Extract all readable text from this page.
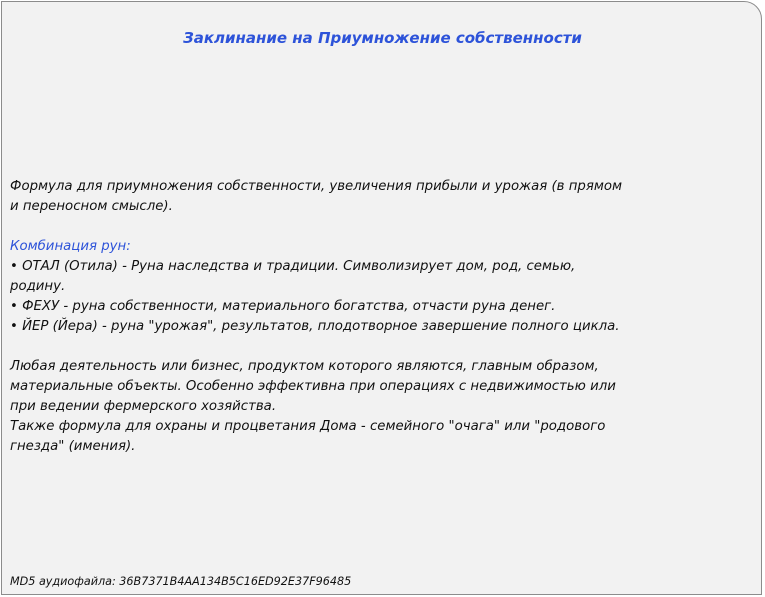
Заклинание на Приумножение собственности
Формула для приумножения собственности, увеличения прибыли и урожая (в прямом
и переносном смысле).
Комбинация рун:
• ОТАЛ (Отила) - Руна наследства и традиции. Символизирует дом, род, семью,
родину.
• ФЕХУ - руна собственности, материального богатства, отчасти руна денег.
• ЙЕР (Йера) - руна "урожая", результатов, плодотворное завершение полного цикла.
Любая деятельность или бизнес, продуктом которого являются, главным образом,
материальные объекты. Особенно эффективна при операциях с недвижимостью или
при ведении фермерского хозяйства.
Также формула для охраны и процветания Дома - семейного "очага" или "родового
гнезда" (имения).
MD5 аудиофайла: 36B7371B4AA134B5C16ED92E37F96485
